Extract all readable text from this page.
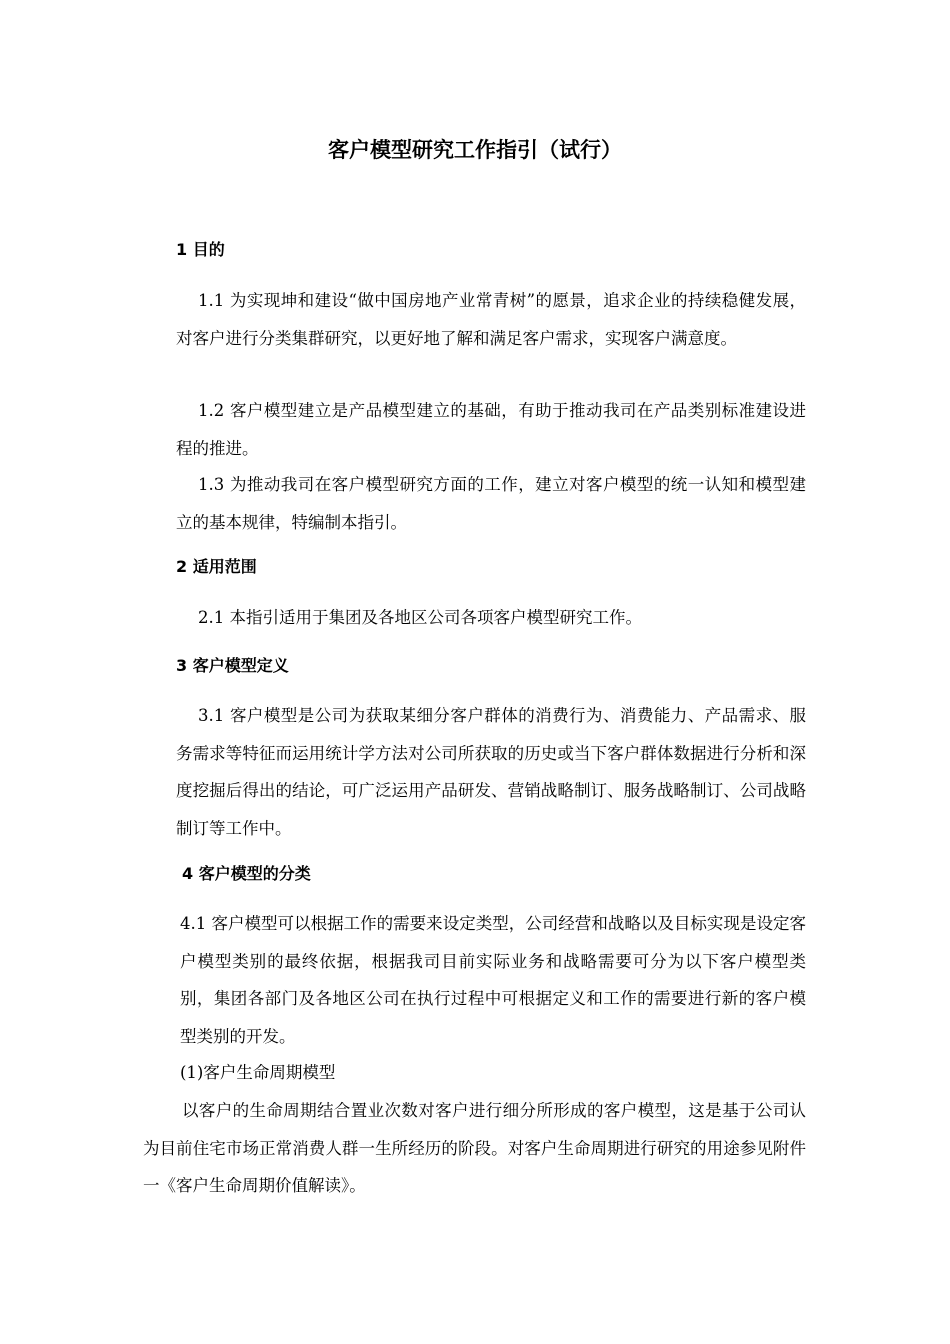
客户模型研究工作指引（试行）
1 目的

1.1 为实现坤和建设“做中国房地产业常青树”的愿景，追求企业的持续稳健发展，对客户进行分类集群研究，以更好地了解和满足客户需求，实现客户满意度。

1.2 客户模型建立是产品模型建立的基础，有助于推动我司在产品类别标准建设进程的推进。

1.3 为推动我司在客户模型研究方面的工作，建立对客户模型的统一认知和模型建立的基本规律，特编制本指引。

2 适用范围

2.1 本指引适用于集团及各地区公司各项客户模型研究工作。

3 客户模型定义

3.1 客户模型是公司为获取某细分客户群体的消费行为、消费能力、产品需求、服务需求等特征而运用统计学方法对公司所获取的历史或当下客户群体数据进行分析和深度挖掘后得出的结论，可广泛运用产品研发、营销战略制订、服务战略制订、公司战略制订等工作中。

4 客户模型的分类

4.1 客户模型可以根据工作的需要来设定类型，公司经营和战略以及目标实现是设定客户模型类别的最终依据，根据我司目前实际业务和战略需要可分为以下客户模型类别，集团各部门及各地区公司在执行过程中可根据定义和工作的需要进行新的客户模型类别的开发。

(1)客户生命周期模型

以客户的生命周期结合置业次数对客户进行细分所形成的客户模型，这是基于公司认为目前住宅市场正常消费人群一生所经历的阶段。对客户生命周期进行研究的用途参见附件一《客户生命周期价值解读》。
